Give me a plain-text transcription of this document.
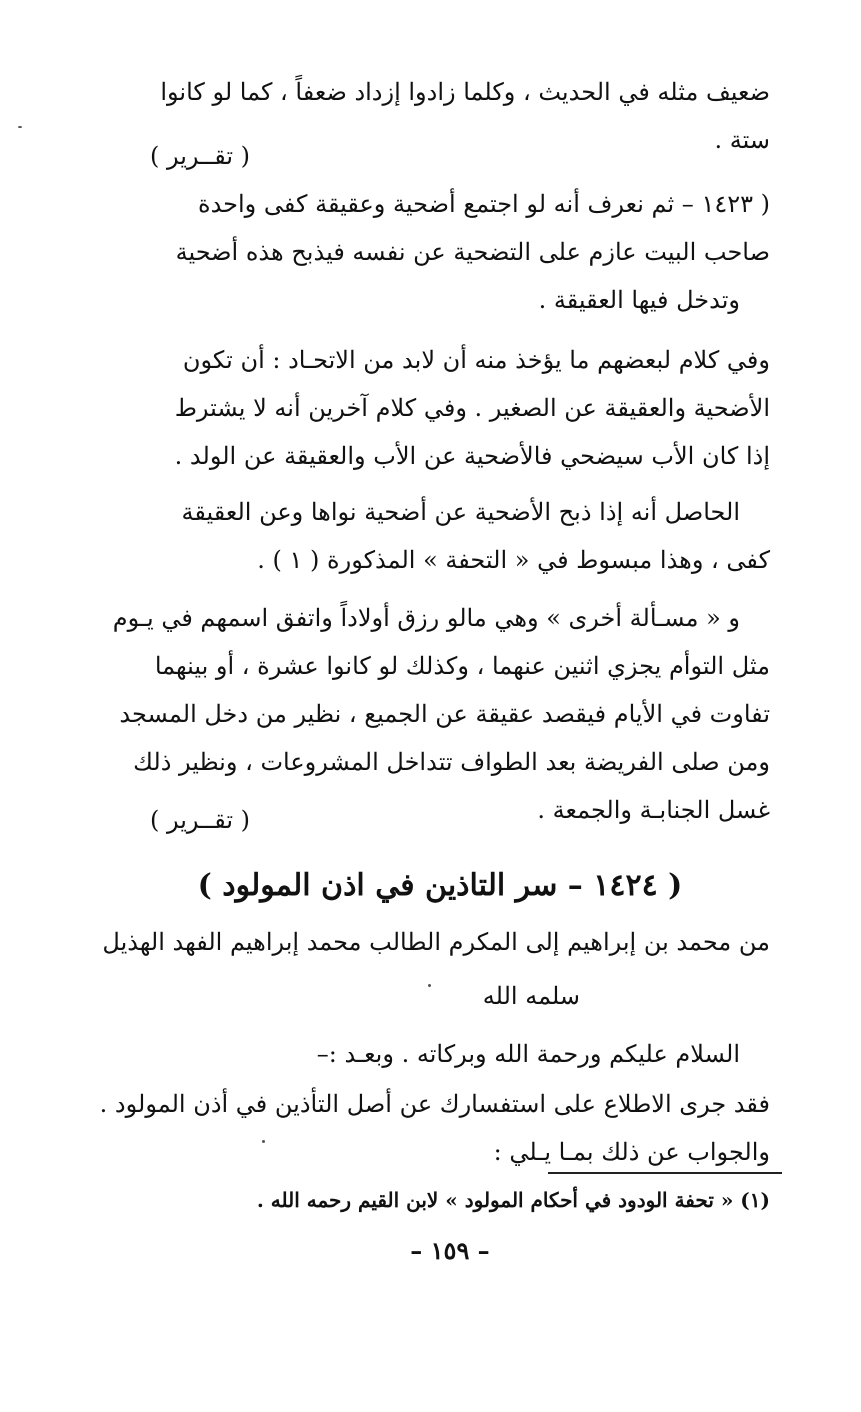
ضعيف مثله في الحديث ، وكلما زادوا إزداد ضعفاً ، كما لو كانوا
ستة .
( تقــرير )
( ١٤٢٣ – ثم نعرف أنه لو اجتمع أضحية وعقيقة كفى واحدة
صاحب البيت عازم على التضحية عن نفسه فيذبح هذه أضحية
وتدخل فيها العقيقة .
وفي كلام لبعضهم ما يؤخذ منه أن لابد من الاتحـاد : أن تكون
الأضحية والعقيقة عن الصغير . وفي كلام آخرين أنه لا يشترط
إذا كان الأب سيضحي فالأضحية عن الأب والعقيقة عن الولد .
الحاصل أنه إذا ذبح الأضحية عن أضحية نواها وعن العقيقة
كفى ، وهذا مبسوط في « التحفة » المذكورة ( ١ ) .
و « مسـألة أخرى » وهي مالو رزق أولاداً واتفق اسمهم في يـوم
مثل التوأم يجزي اثنين عنهما ، وكذلك لو كانوا عشرة ، أو بينهما
تفاوت في الأيام فيقصد عقيقة عن الجميع ، نظير من دخل المسجد
ومن صلى الفريضة بعد الطواف تتداخل المشروعات ، ونظير ذلك
غسل الجنابـة والجمعة .
( تقــرير )
( ١٤٢٤ – سر التاذين في اذن المولود )
من محمد بن إبراهيم إلى المكرم الطالب محمد إبراهيم الفهد الهذيل
سلمه الله
السلام عليكم ورحمة الله وبركاته . وبعـد :–
فقد جرى الاطلاع على استفسارك عن أصل التأذين في أذن المولود .
والجواب عن ذلك بمـا يـلي :
(١) « تحفة الودود في أحكام المولود » لابن القيم رحمه الله .
– ١٥٩ –
